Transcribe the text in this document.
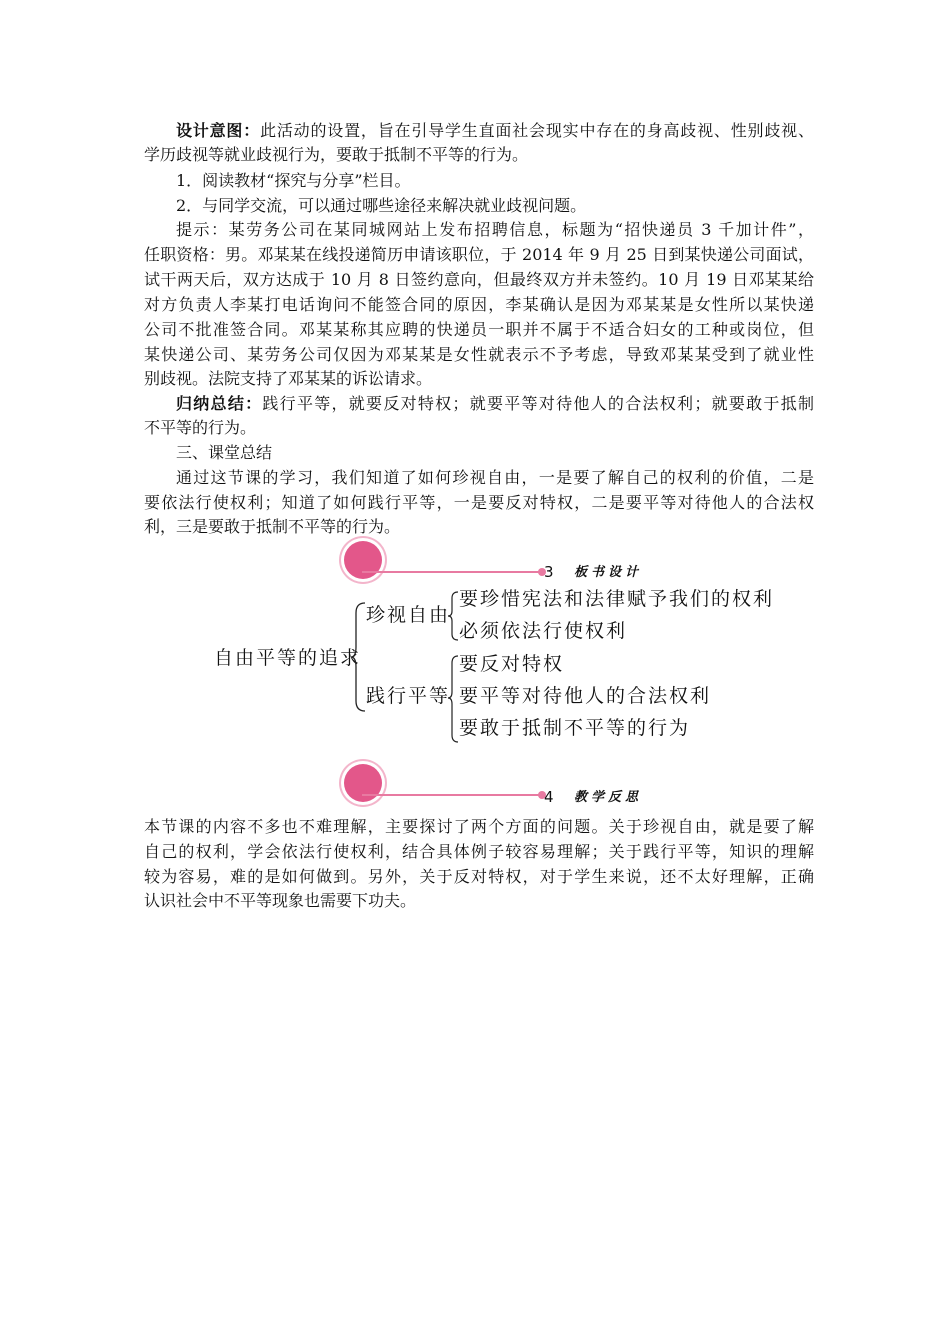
设计意图：此活动的设置，旨在引导学生直面社会现实中存在的身高歧视、性别歧视、
学历歧视等就业歧视行为，要敢于抵制不平等的行为。
1．阅读教材“探究与分享”栏目。
2．与同学交流，可以通过哪些途径来解决就业歧视问题。
提示：某劳务公司在某同城网站上发布招聘信息，标题为“招快递员 3 千加计件”，
任职资格：男。邓某某在线投递简历申请该职位，于 2014 年 9 月 25 日到某快递公司面试，
试干两天后，双方达成于 10 月 8 日签约意向，但最终双方并未签约。10 月 19 日邓某某给
对方负责人李某打电话询问不能签合同的原因，李某确认是因为邓某某是女性所以某快递
公司不批准签合同。邓某某称其应聘的快递员一职并不属于不适合妇女的工种或岗位，但
某快递公司、某劳务公司仅因为邓某某是女性就表示不予考虑，导致邓某某受到了就业性
别歧视。法院支持了邓某某的诉讼请求。
归纳总结：践行平等，就要反对特权；就要平等对待他人的合法权利；就要敢于抵制
不平等的行为。
三、课堂总结
通过这节课的学习，我们知道了如何珍视自由，一是要了解自己的权利的价值，二是
要依法行使权利；知道了如何践行平等，一是要反对特权，二是要平等对待他人的合法权
利，三是要敢于抵制不平等的行为。
3 板书设计
自由平等的追求
珍视自由
要珍惜宪法和法律赋予我们的权利
必须依法行使权利
践行平等
要反对特权
要平等对待他人的合法权利
要敢于抵制不平等的行为
4 教学反思
本节课的内容不多也不难理解，主要探讨了两个方面的问题。关于珍视自由，就是要了解
自己的权利，学会依法行使权利，结合具体例子较容易理解；关于践行平等，知识的理解
较为容易，难的是如何做到。另外，关于反对特权，对于学生来说，还不太好理解，正确
认识社会中不平等现象也需要下功夫。
